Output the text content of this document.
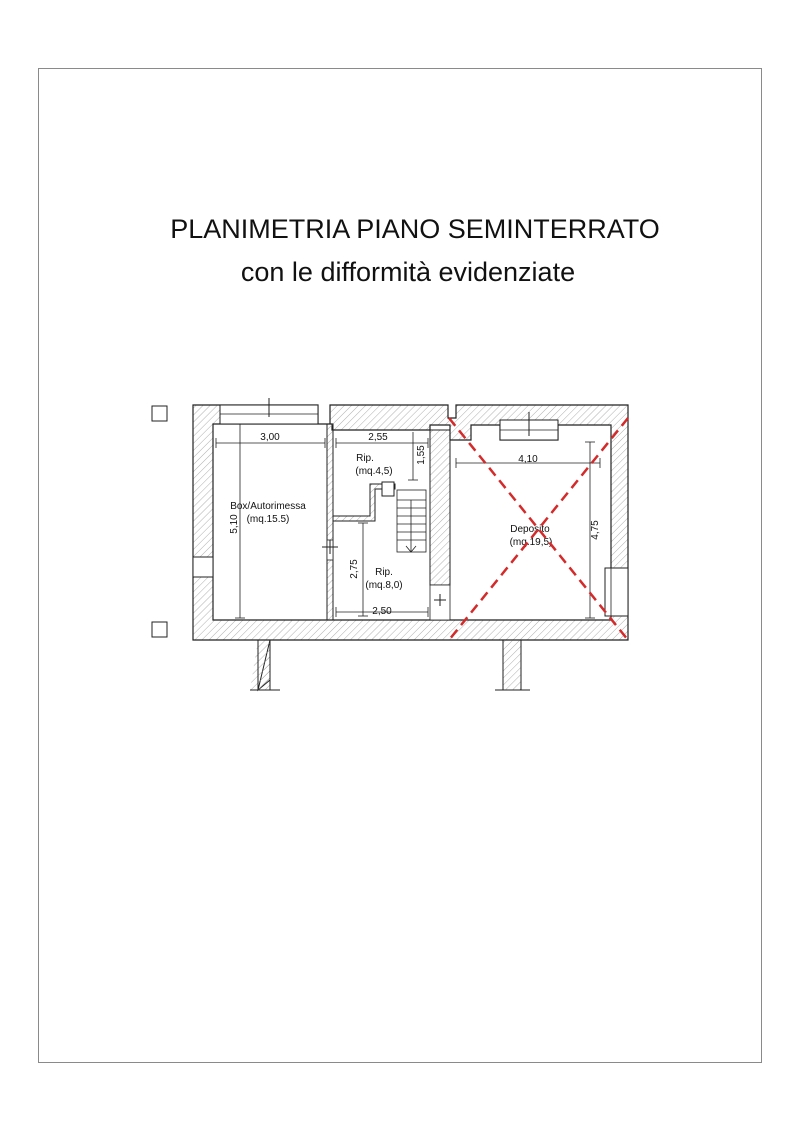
PLANIMETRIA PIANO SEMINTERRATO
con le difformità evidenziate
3,00	2,55
5,10
1,55
2,75
2,50
4,10
4,75
Box/Autorimessa
(mq.15.5)
Rip.
(mq.4,5)
Rip.
(mq.8,0)
Deposito
(mq.19,5)
